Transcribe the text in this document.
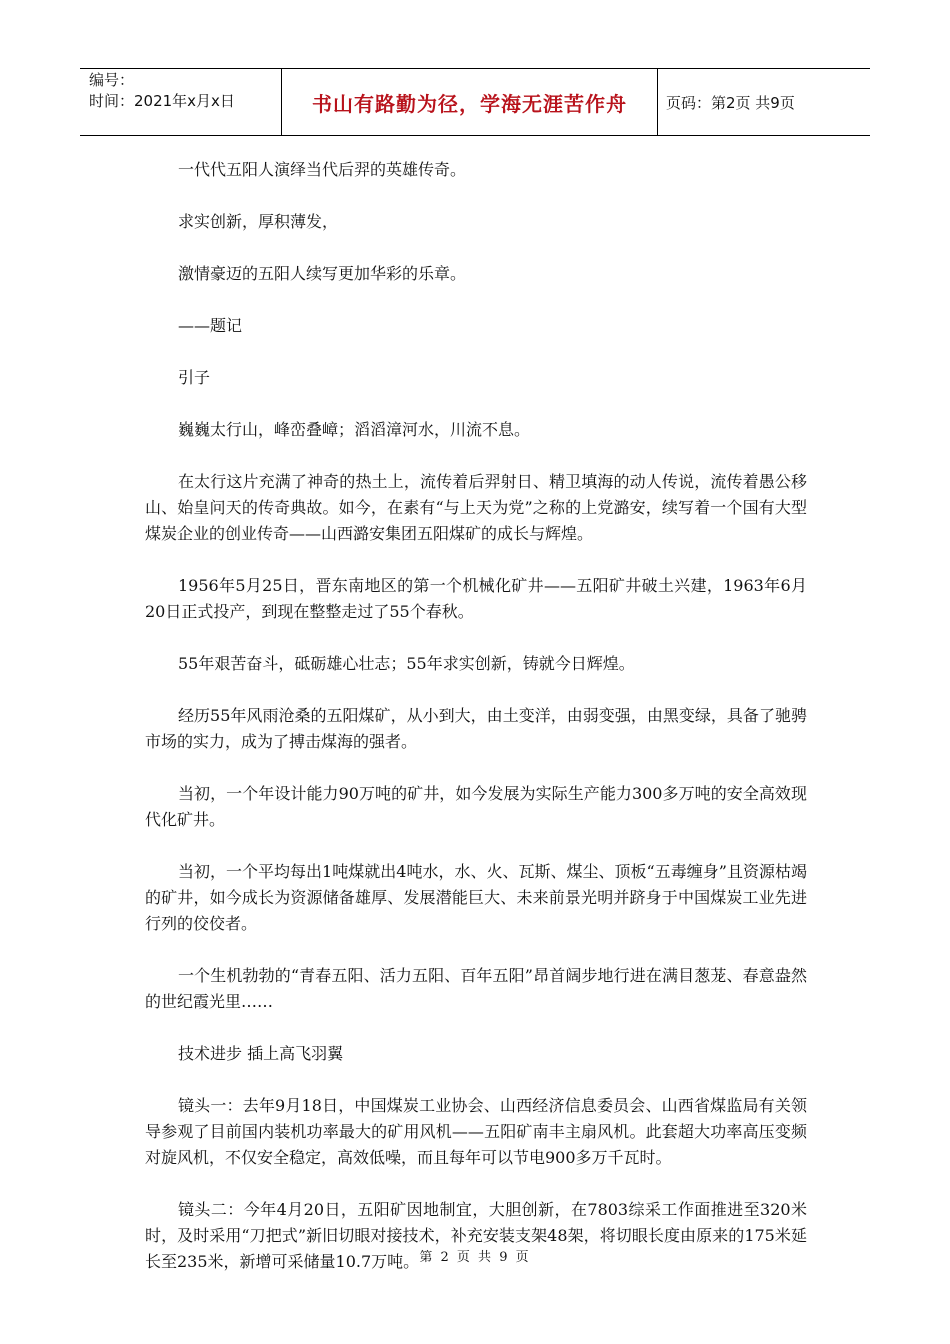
编号：
时间：2021年x月x日	书山有路勤为径，学海无涯苦作舟	页码：第2页 共9页

一代代五阳人演绎当代后羿的英雄传奇。

求实创新，厚积薄发，

激情豪迈的五阳人续写更加华彩的乐章。

——题记

引子

巍巍太行山，峰峦叠嶂；滔滔漳河水，川流不息。

在太行这片充满了神奇的热土上，流传着后羿射日、精卫填海的动人传说，流传着愚公移山、始皇问天的传奇典故。如今，在素有“与上天为党”之称的上党潞安，续写着一个国有大型煤炭企业的创业传奇——山西潞安集团五阳煤矿的成长与辉煌。

1956年5月25日，晋东南地区的第一个机械化矿井——五阳矿井破土兴建，1963年6月20日正式投产，到现在整整走过了55个春秋。

55年艰苦奋斗，砥砺雄心壮志；55年求实创新，铸就今日辉煌。

经历55年风雨沧桑的五阳煤矿，从小到大，由土变洋，由弱变强，由黑变绿，具备了驰骋市场的实力，成为了搏击煤海的强者。

当初，一个年设计能力90万吨的矿井，如今发展为实际生产能力300多万吨的安全高效现代化矿井。

当初，一个平均每出1吨煤就出4吨水，水、火、瓦斯、煤尘、顶板“五毒缠身”且资源枯竭的矿井，如今成长为资源储备雄厚、发展潜能巨大、未来前景光明并跻身于中国煤炭工业先进行列的佼佼者。

一个生机勃勃的“青春五阳、活力五阳、百年五阳”昂首阔步地行进在满目葱茏、春意盎然的世纪霞光里……

技术进步 插上高飞羽翼

镜头一：去年9月18日，中国煤炭工业协会、山西经济信息委员会、山西省煤监局有关领导参观了目前国内装机功率最大的矿用风机——五阳矿南丰主扇风机。此套超大功率高压变频对旋风机，不仅安全稳定，高效低噪，而且每年可以节电900多万千瓦时。

镜头二：今年4月20日，五阳矿因地制宜，大胆创新，在7803综采工作面推进至320米时，及时采用“刀把式”新旧切眼对接技术，补充安装支架48架，将切眼长度由原来的175米延长至235米，新增可采储量10.7万吨。 第 2 页 共 9 页
